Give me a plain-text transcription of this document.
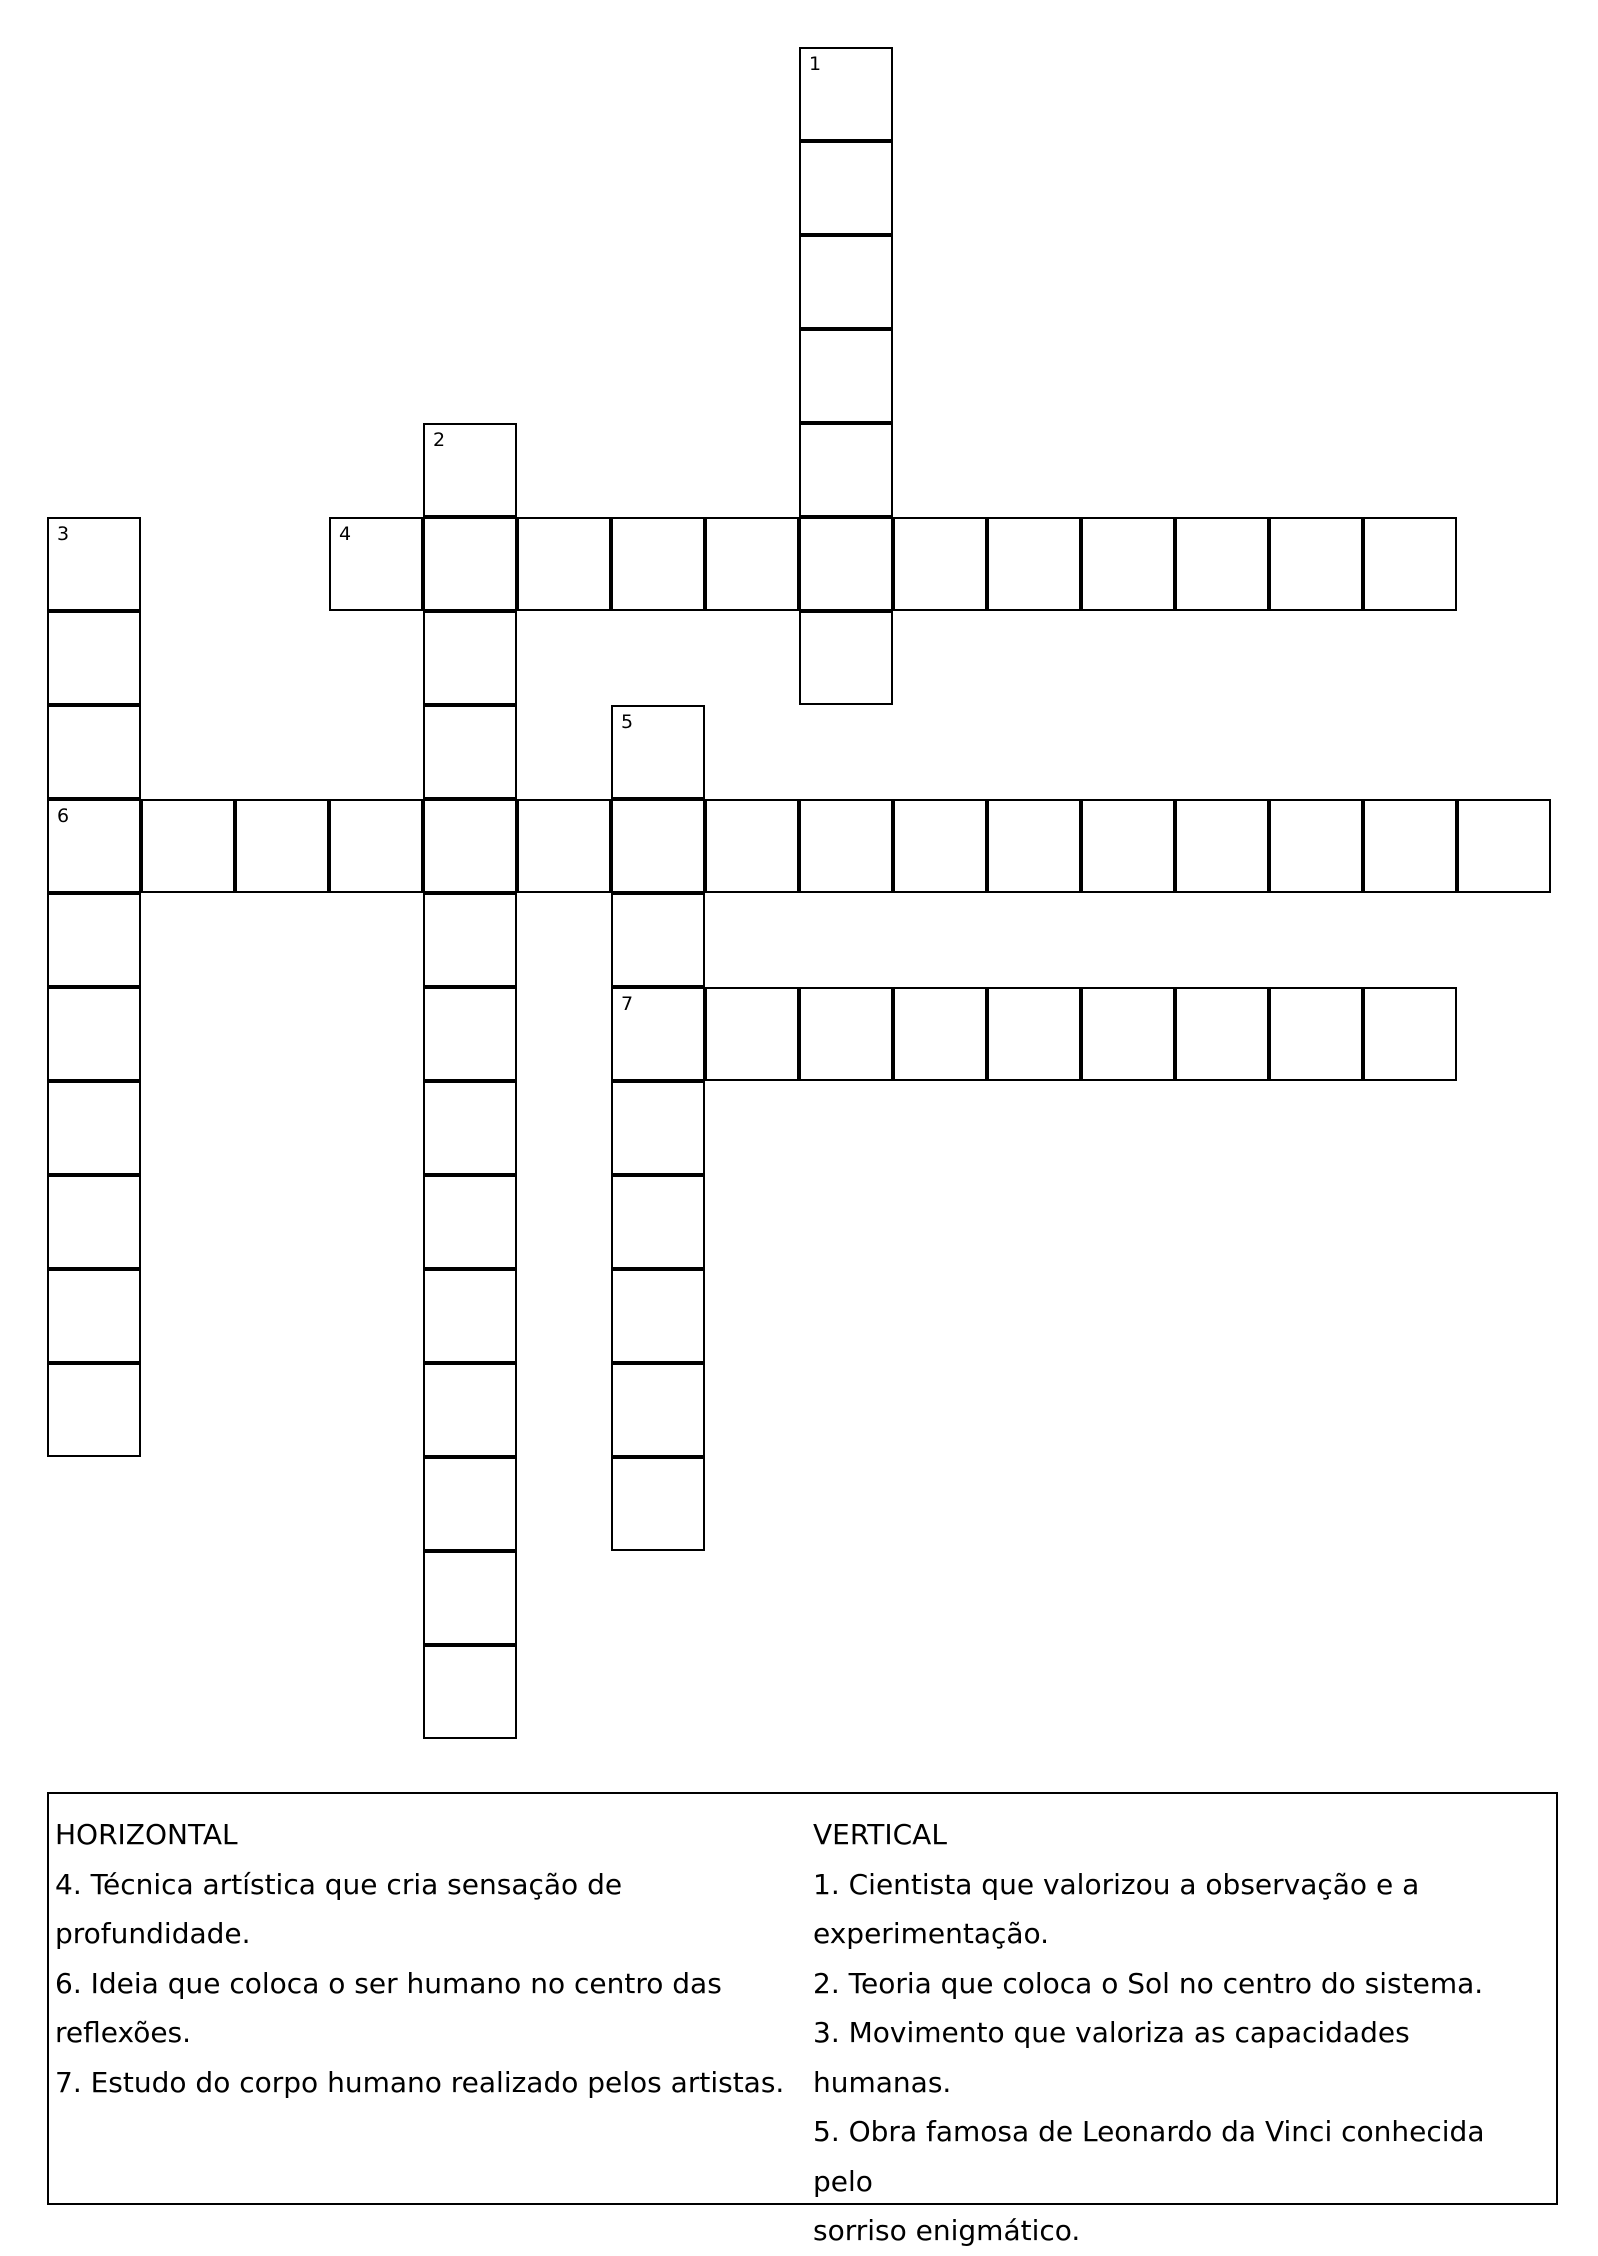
1
2
3
6
4
5
7
HORIZONTAL
4. Técnica artística que cria sensação de
profundidade.
6. Ideia que coloca o ser humano no centro das
reflexões.
7. Estudo do corpo humano realizado pelos artistas.
VERTICAL
1. Cientista que valorizou a observação e a
experimentação.
2. Teoria que coloca o Sol no centro do sistema.
3. Movimento que valoriza as capacidades humanas.
5. Obra famosa de Leonardo da Vinci conhecida pelo
sorriso enigmático.
